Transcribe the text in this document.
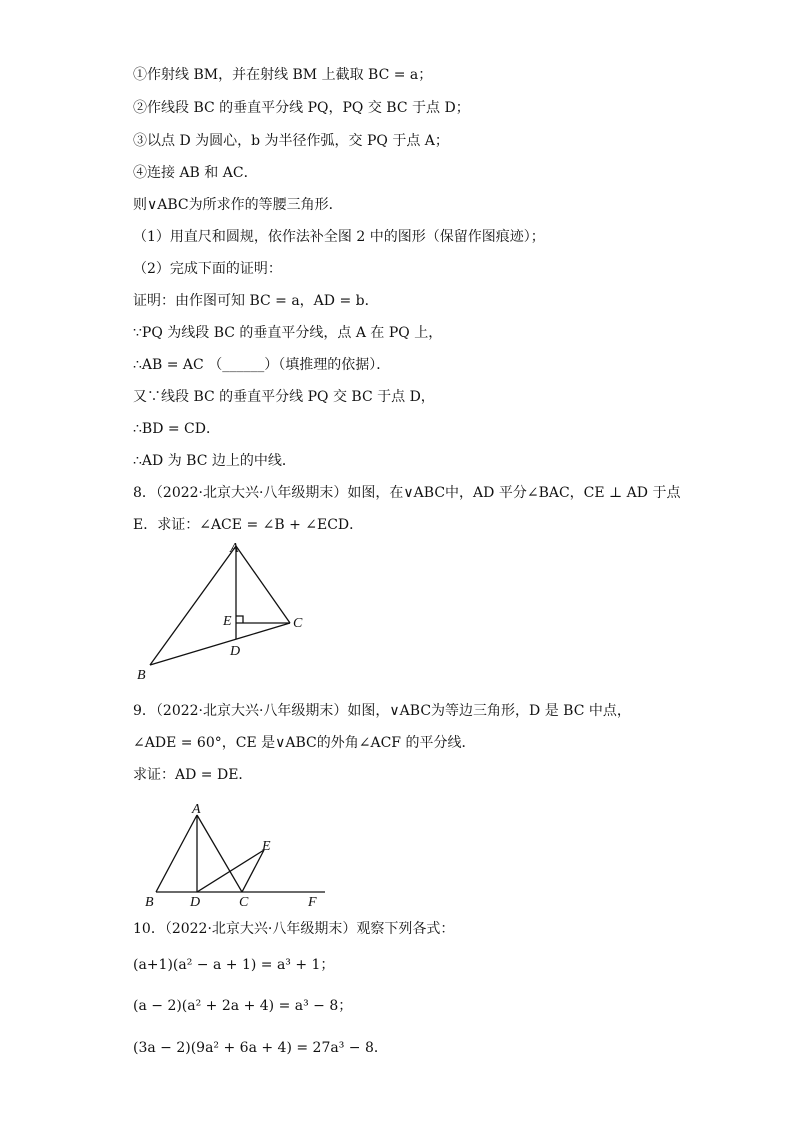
①作射线 BM，并在射线 BM 上截取 BC = a；
②作线段 BC 的垂直平分线 PQ，PQ 交 BC 于点 D；
③以点 D 为圆心，b 为半径作弧，交 PQ 于点 A；
④连接 AB 和 AC．
则∨ABC为所求作的等腰三角形．
（1）用直尺和圆规，依作法补全图 2 中的图形（保留作图痕迹）；
（2）完成下面的证明：
证明：由作图可知 BC = a，AD = b．
∵PQ 为线段 BC 的垂直平分线，点 A 在 PQ 上，
∴AB = AC （______）（填推理的依据）．
又∵线段 BC 的垂直平分线 PQ 交 BC 于点 D，
∴BD = CD．
∴AD 为 BC 边上的中线．
8．（2022·北京大兴·八年级期末）如图，在∨ABC中，AD 平分∠BAC，CE ⊥ AD 于点
E．求证：∠ACE = ∠B + ∠ECD．
A
B
C
D
E
9．（2022·北京大兴·八年级期末）如图，∨ABC为等边三角形，D 是 BC 中点，
∠ADE = 60°，CE 是∨ABC的外角∠ACF 的平分线．
求证：AD = DE．
A
B	D	C
E
F
10．（2022·北京大兴·八年级期末）观察下列各式：
(a+1)(a² − a + 1) = a³ + 1；
(a − 2)(a² + 2a + 4) = a³ − 8；
(3a − 2)(9a² + 6a + 4) = 27a³ − 8．
